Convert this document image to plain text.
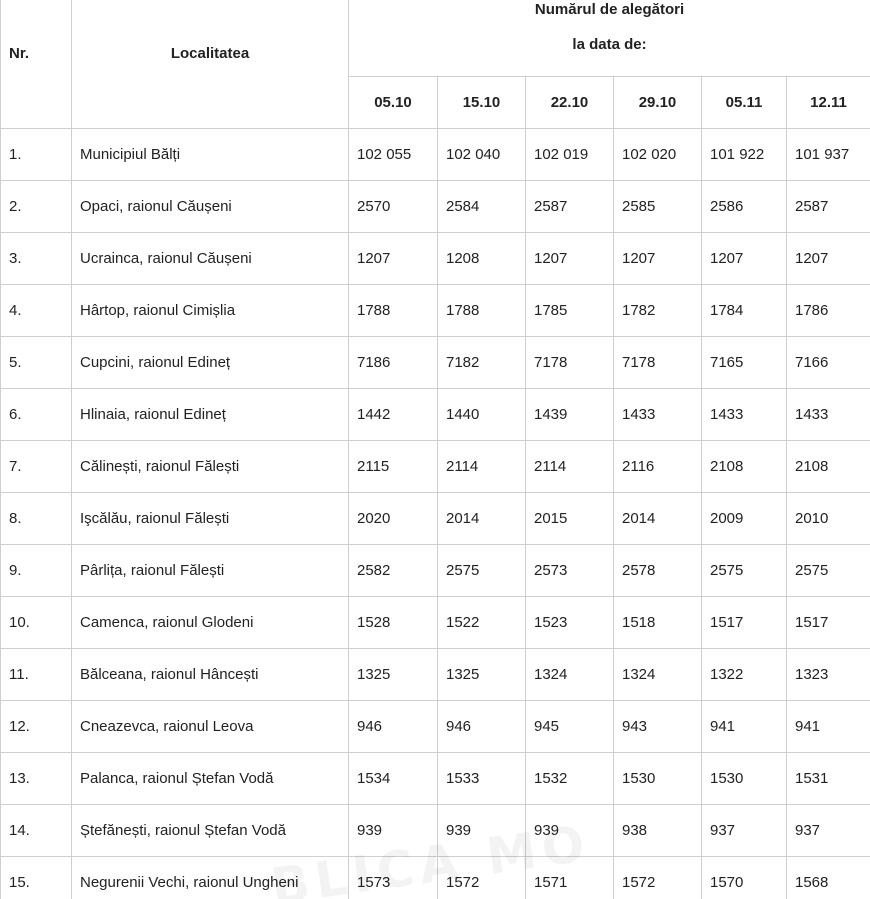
Nr.	Localitatea	Numărul de alegători
la data de:					

		05.10	15.10	22.10	29.10	05.11	12.11
1.	Municipiul Bălți	102 055	102 040	102 019	102 020	101 922	101 937
2.	Opaci, raionul Căușeni	2570	2584	2587	2585	2586	2587
3.	Ucrainca, raionul Căușeni	1207	1208	1207	1207	1207	1207
4.	Hârtop, raionul Cimișlia	1788	1788	1785	1782	1784	1786
5.	Cupcini, raionul Edineț	7186	7182	7178	7178	7165	7166
6.	Hlinaia, raionul Edineț	1442	1440	1439	1433	1433	1433
7.	Călinești, raionul Fălești	2115	2114	2114	2116	2108	2108
8.	Işcălău, raionul Fălești	2020	2014	2015	2014	2009	2010
9.	Pârlița, raionul Fălești	2582	2575	2573	2578	2575	2575
10.	Camenca, raionul Glodeni	1528	1522	1523	1518	1517	1517
11.	Bălceana, raionul Hâncești	1325	1325	1324	1324	1322	1323
12.	Cneazevca, raionul Leova	946	946	945	943	941	941
13.	Palanca, raionul Ștefan Vodă	1534	1533	1532	1530	1530	1531
14.	Ștefănești, raionul Ștefan Vodă	939	939	939	938	937	937
15.	Negurenii Vechi, raionul Ungheni	1573	1572	1571	1572	1570	1568
